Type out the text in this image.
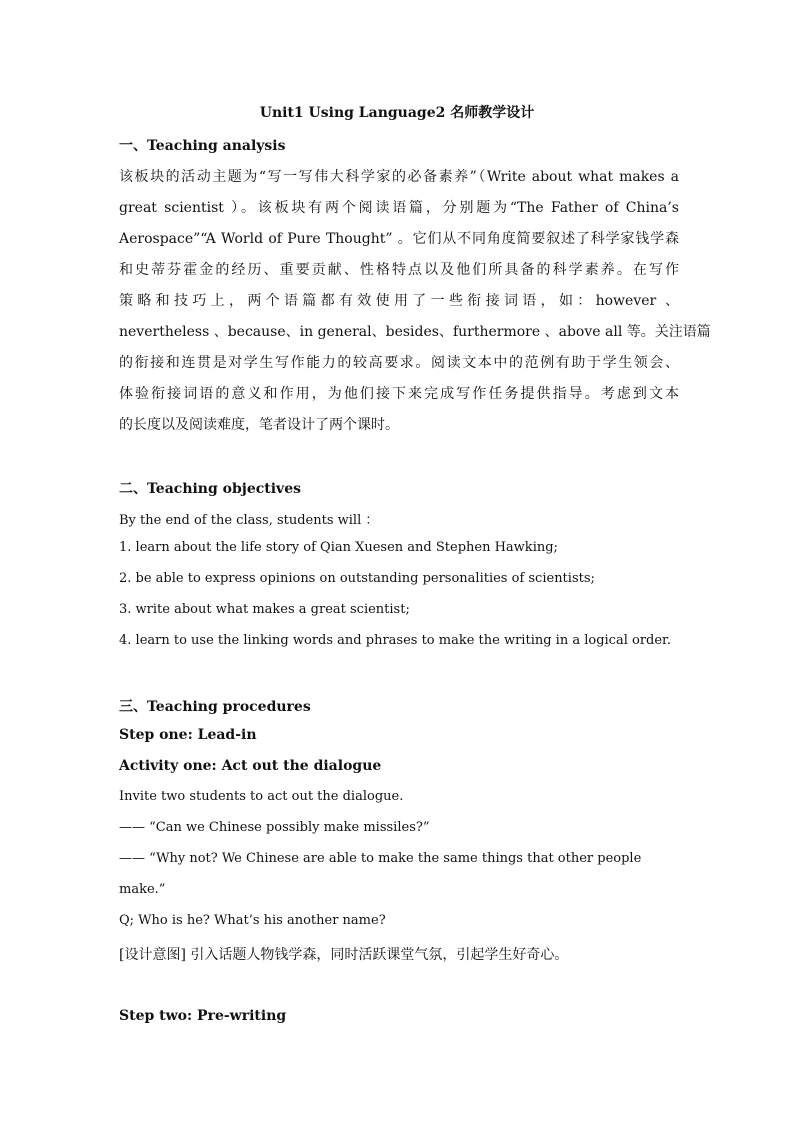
Unit1 Using Language2 名师教学设计
一、Teaching analysis
该板块的活动主题为“写一写伟大科学家的必备素养”（Write about what makes a
great scientist ）。该板块有两个阅读语篇，分别题为“The Father of China’s
Aerospace”“A World of Pure Thought” 。它们从不同角度简要叙述了科学家钱学森
和史蒂芬霍金的经历、重要贡献、性格特点以及他们所具备的科学素养。在写作
策略和技巧上，两个语篇都有效使用了一些衔接词语，如：however 、
nevertheless 、because、in general、besides、furthermore 、above all 等。关注语篇
的衔接和连贯是对学生写作能力的较高要求。阅读文本中的范例有助于学生领会、
体验衔接词语的意义和作用，为他们接下来完成写作任务提供指导。考虑到文本
的长度以及阅读难度，笔者设计了两个课时。
二、Teaching objectives
By the end of the class, students will ：
1. learn about the life story of Qian Xuesen and Stephen Hawking;
2. be able to express opinions on outstanding personalities of scientists;
3. write about what makes a great scientist;
4. learn to use the linking words and phrases to make the writing in a logical order.
三、Teaching procedures
Step one: Lead-in
Activity one: Act out the dialogue
Invite two students to act out the dialogue.
—— “Can we Chinese possibly make missiles?”
—— “Why not? We Chinese are able to make the same things that other people
make.”
Q; Who is he? What’s his another name?
[设计意图] 引入话题人物钱学森，同时活跃课堂气氛，引起学生好奇心。
Step two: Pre-writing
